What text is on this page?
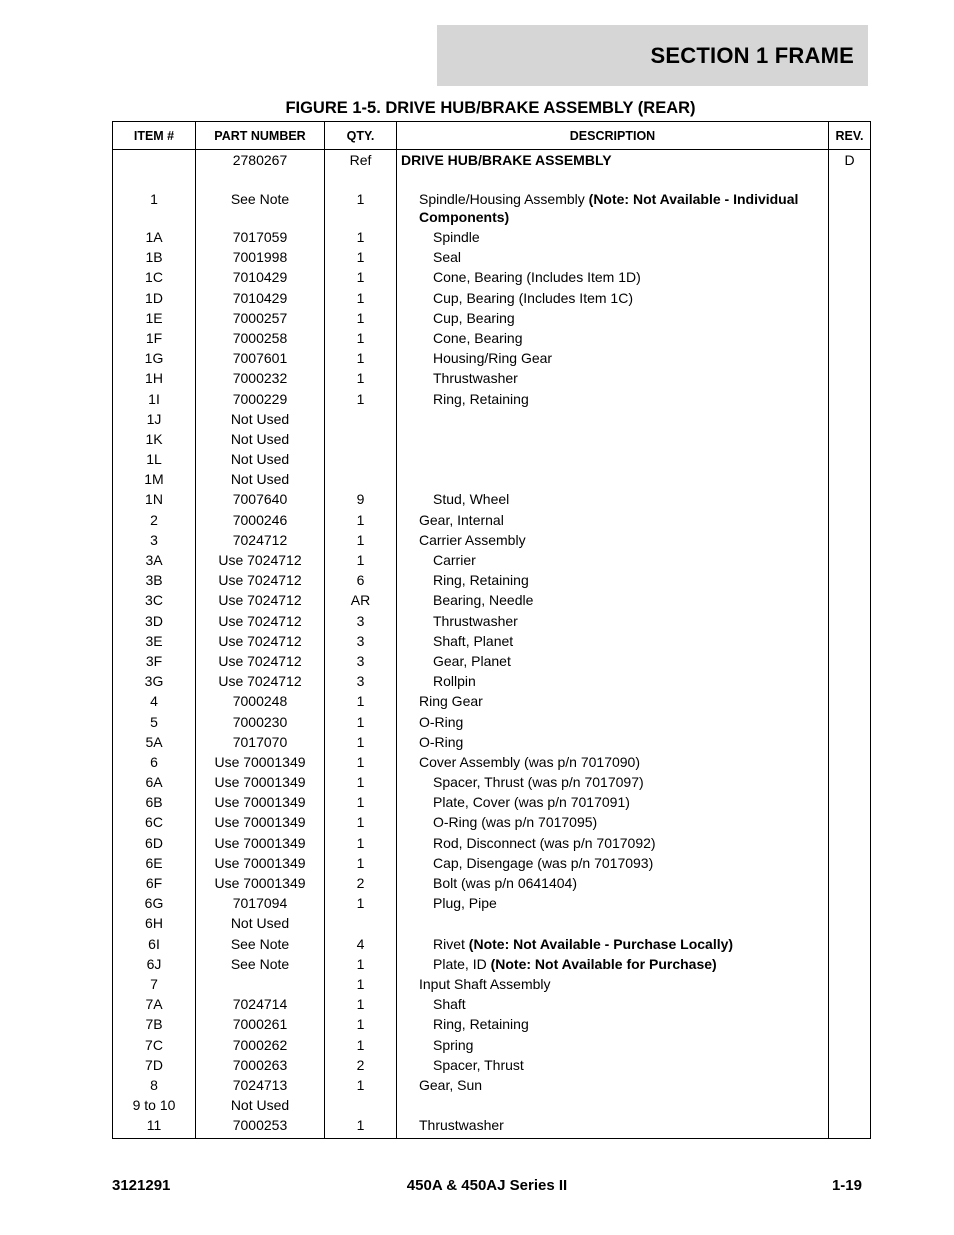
SECTION 1 FRAME
FIGURE 1-5. DRIVE HUB/BRAKE ASSEMBLY (REAR)
ITEM #	PART NUMBER	QTY.	DESCRIPTION	REV.
	2780267	Ref	DRIVE HUB/BRAKE ASSEMBLY	D
1	See Note	1	Spindle/Housing Assembly (Note: Not Available - Individual Components)	

1A	7017059	1	Spindle	

1B	7001998	1	Seal	

1C	7010429	1	Cone, Bearing (Includes Item 1D)	

1D	7010429	1	Cup, Bearing (Includes Item 1C)	

1E	7000257	1	Cup, Bearing	

1F	7000258	1	Cone, Bearing	

1G	7007601	1	Housing/Ring Gear	

1H	7000232	1	Thrustwasher	

1I	7000229	1	Ring, Retaining	

1J	Not Used		

1K	Not Used		

1L	Not Used		

1M	Not Used		

1N	7007640	9	Stud, Wheel	

2	7000246	1	Gear, Internal	

3	7024712	1	Carrier Assembly	

3A	Use 7024712	1	Carrier	

3B	Use 7024712	6	Ring, Retaining	

3C	Use 7024712	AR	Bearing, Needle	

3D	Use 7024712	3	Thrustwasher	

3E	Use 7024712	3	Shaft, Planet	

3F	Use 7024712	3	Gear, Planet	

3G	Use 7024712	3	Rollpin	

4	7000248	1	Ring Gear	

5	7000230	1	O-Ring	

5A	7017070	1	O-Ring	

6	Use 70001349	1	Cover Assembly (was p/n 7017090)	

6A	Use 70001349	1	Spacer, Thrust (was p/n 7017097)	

6B	Use 70001349	1	Plate, Cover (was p/n 7017091)	

6C	Use 70001349	1	O-Ring (was p/n 7017095)	

6D	Use 70001349	1	Rod, Disconnect (was p/n 7017092)	

6E	Use 70001349	1	Cap, Disengage (was p/n 7017093)	

6F	Use 70001349	2	Bolt (was p/n 0641404)	

6G	7017094	1	Plug, Pipe	

6H	Not Used		

6I	See Note	4	Rivet (Note: Not Available - Purchase Locally)	

6J	See Note	1	Plate, ID (Note: Not Available for Purchase)	

7		1	Input Shaft Assembly	

7A	7024714	1	Shaft	

7B	7000261	1	Ring, Retaining	

7C	7000262	1	Spring	

7D	7000263	2	Spacer, Thrust	

8	7024713	1	Gear, Sun	

9 to 10	Not Used		

11	7000253	1	Thrustwasher	

3121291	450A & 450AJ Series II	1-19
